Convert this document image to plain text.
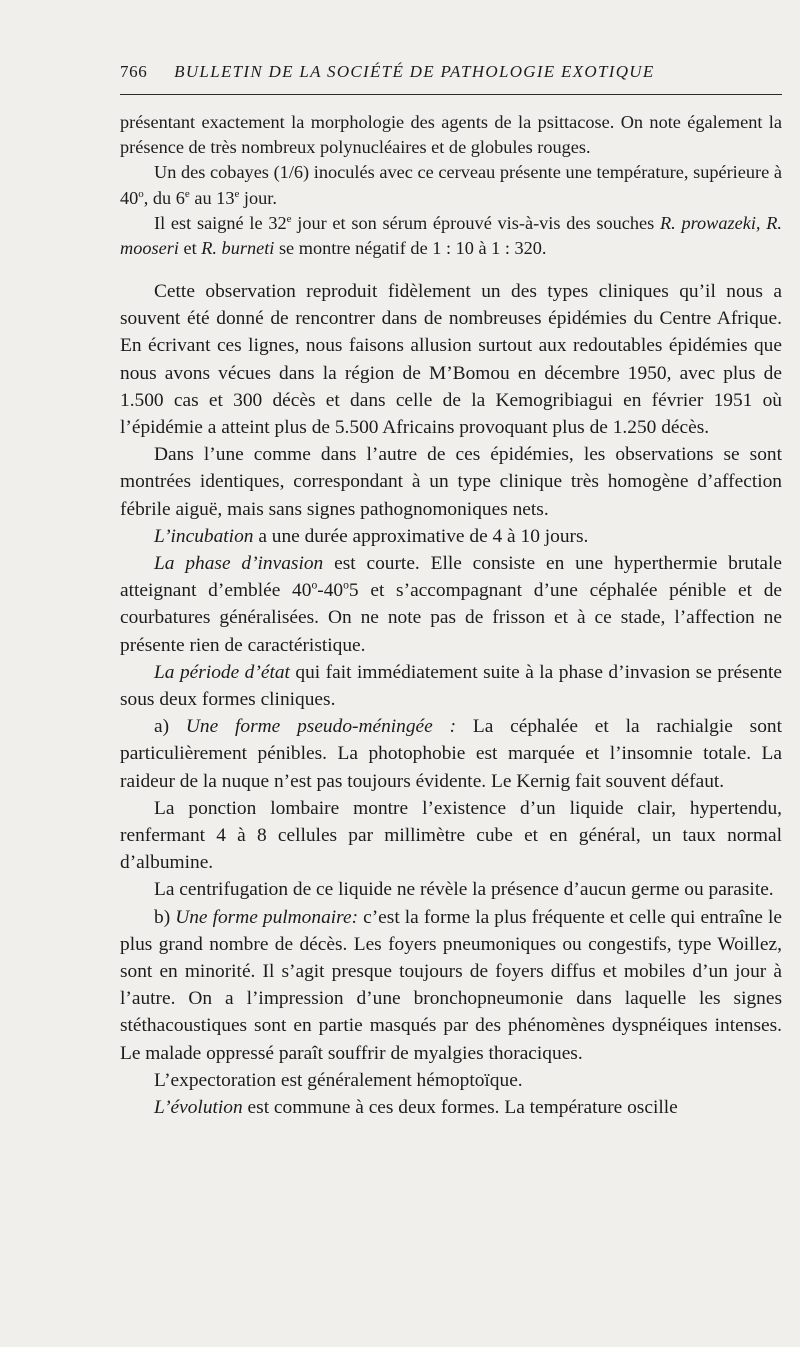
766 BULLETIN DE LA SOCIÉTÉ DE PATHOLOGIE EXOTIQUE

présentant exactement la morphologie des agents de la psittacose. On note également la présence de très nombreux polynucléaires et de globules rouges.

Un des cobayes (1/6) inoculés avec ce cerveau présente une température, supérieure à 40$^o$, du 6e au 13e jour.

Il est saigné le 32e jour et son sérum éprouvé vis-à-vis des souches R. prowazeki, R. mooseri et R. burneti se montre négatif de 1 : 10 à 1 : 320.

Cette observation reproduit fidèlement un des types cliniques qu’il nous a souvent été donné de rencontrer dans de nombreuses épidémies du Centre Afrique. En écrivant ces lignes, nous faisons allusion surtout aux redoutables épidémies que nous avons vécues dans la région de M’Bomou en décembre 1950, avec plus de 1.500 cas et 300 décès et dans celle de la Kemogribiagui en février 1951 où l’épidémie a atteint plus de 5.500 Africains provoquant plus de 1.250 décès.

Dans l’une comme dans l’autre de ces épidémies, les observations se sont montrées identiques, correspondant à un type clinique très homogène d’affection fébrile aiguë, mais sans signes pathognomoniques nets.

L’incubation a une durée approximative de 4 à 10 jours.

La phase d’invasion est courte. Elle consiste en une hyperthermie brutale atteignant d’emblée 40$^o$-40$^o$5 et s’accompagnant d’une céphalée pénible et de courbatures généralisées. On ne note pas de frisson et à ce stade, l’affection ne présente rien de caractéristique.

La période d’état qui fait immédiatement suite à la phase d’invasion se présente sous deux formes cliniques.

a) Une forme pseudo-méningée : La céphalée et la rachialgie sont particulièrement pénibles. La photophobie est marquée et l’insomnie totale. La raideur de la nuque n’est pas toujours évidente. Le Kernig fait souvent défaut.

La ponction lombaire montre l’existence d’un liquide clair, hypertendu, renfermant 4 à 8 cellules par millimètre cube et en général, un taux normal d’albumine.

La centrifugation de ce liquide ne révèle la présence d’aucun germe ou parasite.

b) Une forme pulmonaire: c’est la forme la plus fréquente et celle qui entraîne le plus grand nombre de décès. Les foyers pneumoniques ou congestifs, type Woillez, sont en minorité. Il s’agit presque toujours de foyers diffus et mobiles d’un jour à l’autre. On a l’impression d’une bronchopneumonie dans laquelle les signes stéthacoustiques sont en partie masqués par des phénomènes dyspnéiques intenses. Le malade oppressé paraît souffrir de myalgies thoraciques.

L’expectoration est généralement hémoptoïque.

L’évolution est commune à ces deux formes. La température oscille
